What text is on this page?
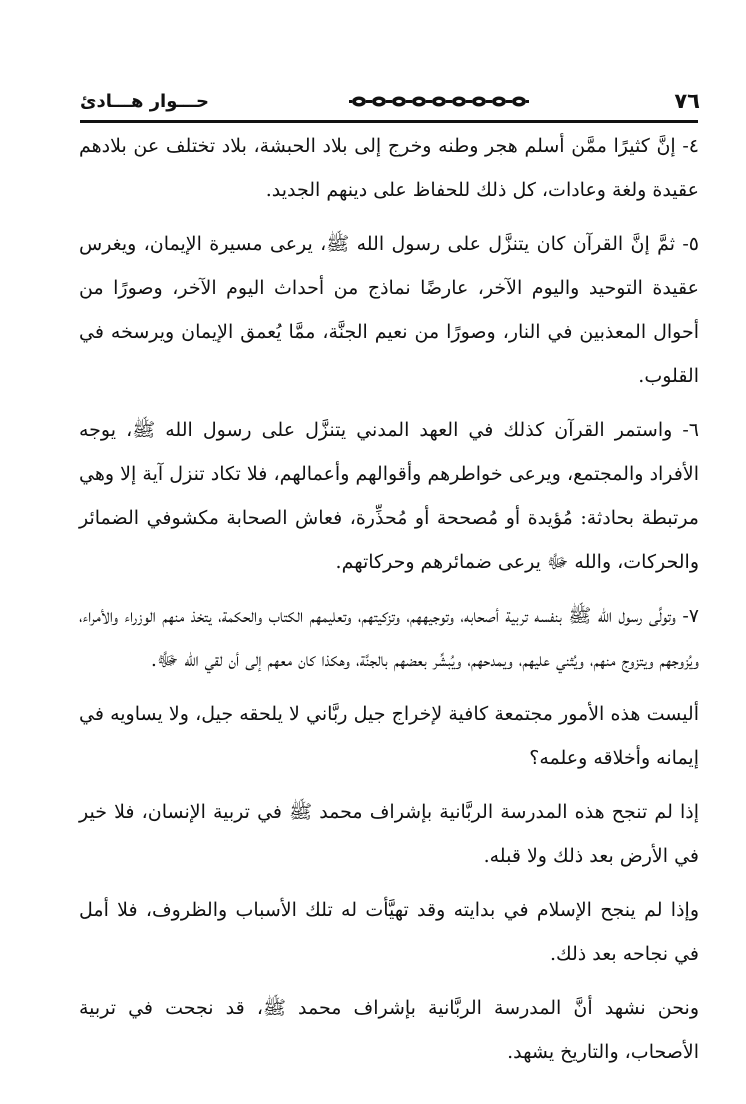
٧٦
حـــوار هـــادئ

٤- إنَّ كثيرًا ممَّن أسلم هجر وطنه وخرج إلى بلاد الحبشة، بلاد تختلف عن بلادهم عقيدة ولغة وعادات، كل ذلك للحفاظ على دينهم الجديد.

٥- ثمَّ إنَّ القرآن كان يتنزَّل على رسول الله ﷺ، يرعى مسيرة الإيمان، ويغرس عقيدة التوحيد واليوم الآخر، عارضًا نماذج من أحداث اليوم الآخر، وصورًا من أحوال المعذبين في النار، وصورًا من نعيم الجنَّة، ممَّا يُعمق الإيمان ويرسخه في القلوب.

٦- واستمر القرآن كذلك في العهد المدني يتنزَّل على رسول الله ﷺ، يوجه الأفراد والمجتمع، ويرعى خواطرهم وأقوالهم وأعمالهم، فلا تكاد تنزل آية إلا وهي مرتبطة بحادثة: مُؤيدة أو مُصححة أو مُحذِّرة، فعاش الصحابة مكشوفي الضمائر والحركات، والله ﷻ يرعى ضمائرهم وحركاتهم.

٧- وتولَّى رسول الله ﷺ بنفسه تربية أصحابه، وتوجيههم، وتزكيتهم، وتعليمهم الكتاب والحكمة، يتخذ منهم الوزراء والأمراء، ويُزوجهم ويتزوج منهم، ويُثني عليهم، ويمدحهم، ويُبشِّر بعضهم بالجنَّة، وهكذا كان معهم إلى أن لقي الله ﷻ.

أليست هذه الأمور مجتمعة كافية لإخراج جيل ربَّاني لا يلحقه جيل، ولا يساويه في إيمانه وأخلاقه وعلمه؟

إذا لم تنجح هذه المدرسة الربَّانية بإشراف محمد ﷺ في تربية الإنسان، فلا خير في الأرض بعد ذلك ولا قبله.

وإذا لم ينجح الإسلام في بدايته وقد تهيَّأت له تلك الأسباب والظروف، فلا أمل في نجاحه بعد ذلك.

ونحن نشهد أنَّ المدرسة الربَّانية بإشراف محمد ﷺ، قد نجحت في تربية الأصحاب، والتاريخ يشهد.
